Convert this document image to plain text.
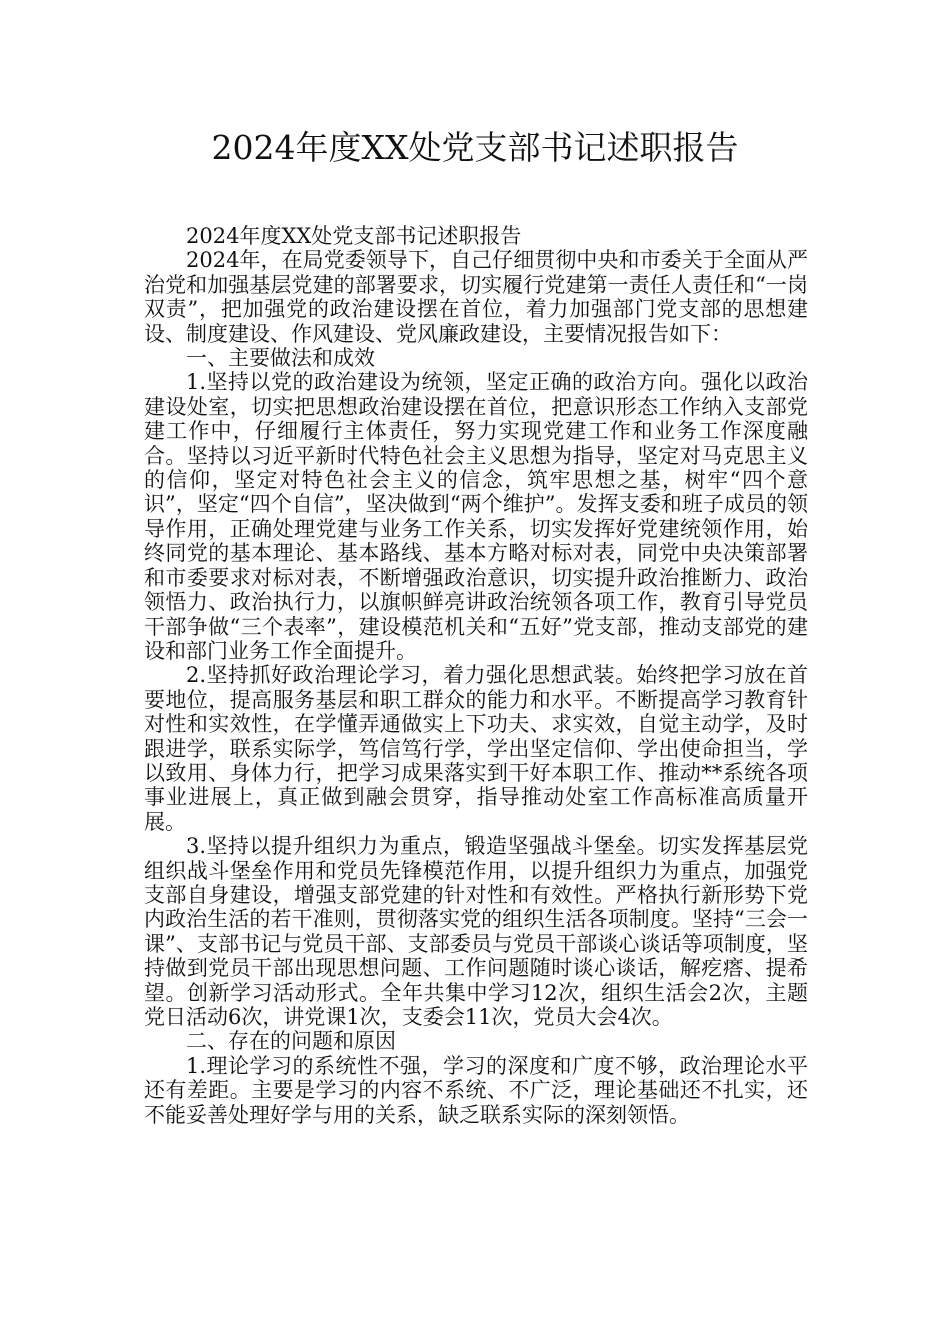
2024年度XX处党支部书记述职报告

2024年度XX处党支部书记述职报告

2024年，在局党委领导下，自己仔细贯彻中央和市委关于全面从严治党和加强基层党建的部署要求，切实履行党建第一责任人责任和“一岗双责”，把加强党的政治建设摆在首位，着力加强部门党支部的思想建设、制度建设、作风建设、党风廉政建设，主要情况报告如下：

一、主要做法和成效

1.坚持以党的政治建设为统领，坚定正确的政治方向。强化以政治建设处室，切实把思想政治建设摆在首位，把意识形态工作纳入支部党建工作中，仔细履行主体责任，努力实现党建工作和业务工作深度融合。坚持以习近平新时代特色社会主义思想为指导，坚定对马克思主义的信仰，坚定对特色社会主义的信念，筑牢思想之基，树牢“四个意识”，坚定“四个自信”，坚决做到“两个维护”。发挥支委和班子成员的领导作用，正确处理党建与业务工作关系，切实发挥好党建统领作用，始终同党的基本理论、基本路线、基本方略对标对表，同党中央决策部署和市委要求对标对表，不断增强政治意识，切实提升政治推断力、政治领悟力、政治执行力，以旗帜鲜亮讲政治统领各项工作，教育引导党员干部争做“三个表率”，建设模范机关和“五好”党支部，推动支部党的建设和部门业务工作全面提升。

2.坚持抓好政治理论学习，着力强化思想武装。始终把学习放在首要地位，提高服务基层和职工群众的能力和水平。不断提高学习教育针对性和实效性，在学懂弄通做实上下功夫、求实效，自觉主动学，及时跟进学，联系实际学，笃信笃行学，学出坚定信仰、学出使命担当，学以致用、身体力行，把学习成果落实到干好本职工作、推动**系统各项事业进展上，真正做到融会贯穿，指导推动处室工作高标准高质量开展。

3.坚持以提升组织力为重点，锻造坚强战斗堡垒。切实发挥基层党组织战斗堡垒作用和党员先锋模范作用，以提升组织力为重点，加强党支部自身建设，增强支部党建的针对性和有效性。严格执行新形势下党内政治生活的若干准则，贯彻落实党的组织生活各项制度。坚持“三会一课”、支部书记与党员干部、支部委员与党员干部谈心谈话等项制度，坚持做到党员干部出现思想问题、工作问题随时谈心谈话，解疙瘩、提希望。创新学习活动形式。全年共集中学习12次，组织生活会2次，主题党日活动6次，讲党课1次，支委会11次，党员大会4次。

二、存在的问题和原因

1.理论学习的系统性不强，学习的深度和广度不够，政治理论水平还有差距。主要是学习的内容不系统、不广泛，理论基础还不扎实，还不能妥善处理好学与用的关系，缺乏联系实际的深刻领悟。
